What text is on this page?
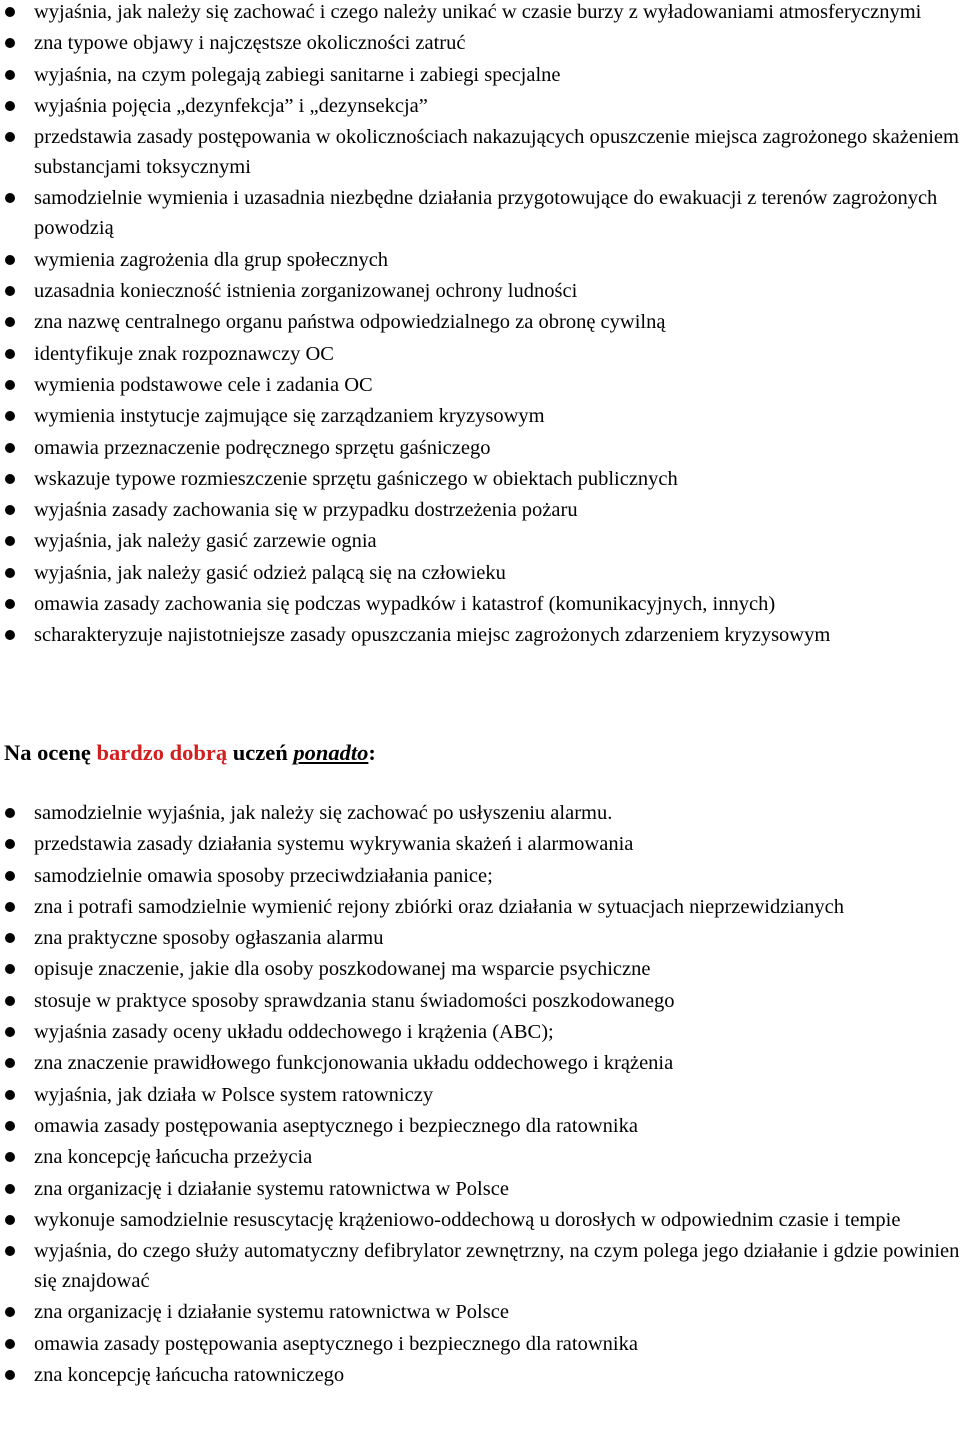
wyjaśnia, jak należy się zachować i czego należy unikać w czasie burzy z wyładowaniami atmosferycznymi
zna typowe objawy i najczęstsze okoliczności zatruć
wyjaśnia, na czym polegają zabiegi sanitarne i zabiegi specjalne
wyjaśnia pojęcia „dezynfekcja” i „dezynsekcja”
przedstawia zasady postępowania w okolicznościach nakazujących opuszczenie miejsca zagrożonego skażeniem substancjami toksycznymi
samodzielnie wymienia i uzasadnia niezbędne działania przygotowujące do ewakuacji z terenów zagrożonych powodzią
wymienia zagrożenia dla grup społecznych
uzasadnia konieczność istnienia zorganizowanej ochrony ludności
zna nazwę centralnego organu państwa odpowiedzialnego za obronę cywilną
identyfikuje znak rozpoznawczy OC
wymienia podstawowe cele i zadania OC
wymienia instytucje zajmujące się zarządzaniem kryzysowym
omawia przeznaczenie podręcznego sprzętu gaśniczego
wskazuje typowe rozmieszczenie sprzętu gaśniczego w obiektach publicznych
wyjaśnia zasady zachowania się w przypadku dostrzeżenia pożaru
wyjaśnia, jak należy gasić zarzewie ognia
wyjaśnia, jak należy gasić odzież palącą się na człowieku
omawia zasady zachowania się podczas wypadków i katastrof (komunikacyjnych, innych)
scharakteryzuje najistotniejsze zasady opuszczania miejsc zagrożonych zdarzeniem kryzysowym
Na ocenę bardzo dobrą uczeń ponadto:
samodzielnie wyjaśnia, jak należy się zachować po usłyszeniu alarmu.
przedstawia zasady działania systemu wykrywania skażeń i alarmowania
samodzielnie omawia sposoby przeciwdziałania panice;
zna i potrafi samodzielnie wymienić rejony zbiórki oraz działania w sytuacjach nieprzewidzianych
zna praktyczne sposoby ogłaszania alarmu
opisuje znaczenie, jakie dla osoby poszkodowanej ma wsparcie psychiczne
stosuje w praktyce sposoby sprawdzania stanu świadomości poszkodowanego
wyjaśnia zasady oceny układu oddechowego i krążenia (ABC);
zna znaczenie prawidłowego funkcjonowania układu oddechowego i krążenia
wyjaśnia, jak działa w Polsce system ratowniczy
omawia zasady postępowania aseptycznego i bezpiecznego dla ratownika
zna koncepcję łańcucha przeżycia
zna organizację i działanie systemu ratownictwa w Polsce
wykonuje samodzielnie resuscytację krążeniowo-oddechową u dorosłych w odpowiednim czasie i tempie
wyjaśnia, do czego służy automatyczny defibrylator zewnętrzny, na czym polega jego działanie i gdzie powinien się znajdować
zna organizację i działanie systemu ratownictwa w Polsce
omawia zasady postępowania aseptycznego i bezpiecznego dla ratownika
zna koncepcję łańcucha ratowniczego
